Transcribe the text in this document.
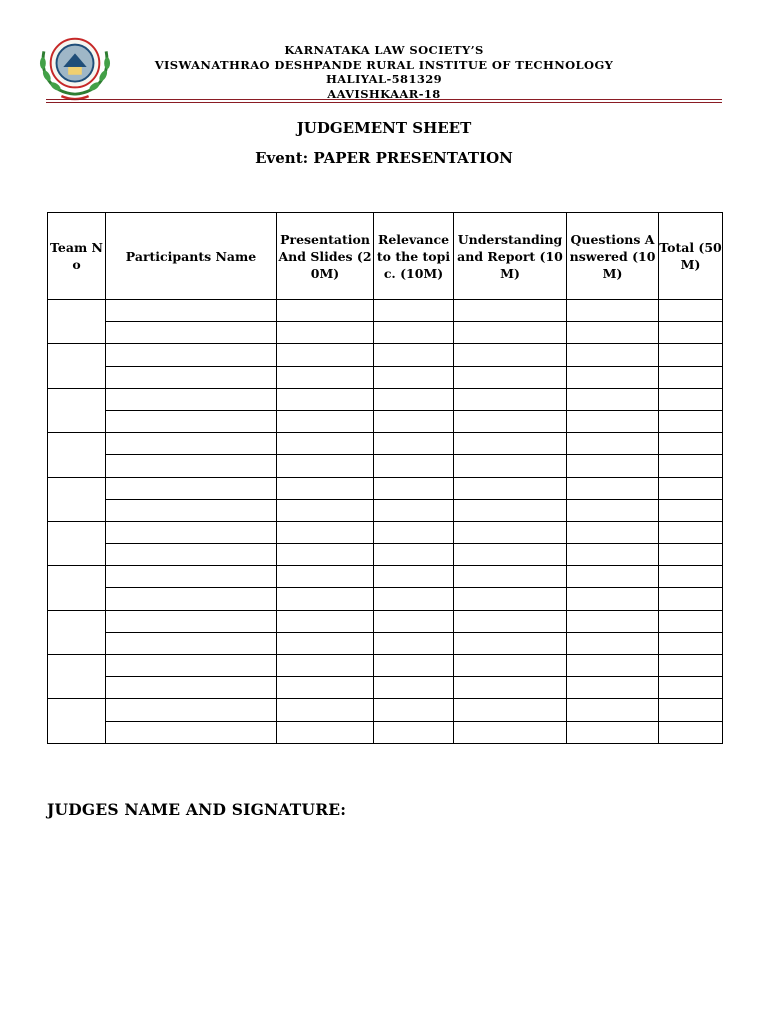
KARNATAKA LAW SOCIETY’S
VISWANATHRAO DESHPANDE RURAL INSTITUE OF TECHNOLOGY
HALIYAL-581329
AAVISHKAAR-18
JUDGEMENT SHEET
Event: PAPER PRESENTATION
Team No	Participants Name	Presentation And Slides (20M)	Relevance to the topic. (10M)	Understanding and Report (10M)	Questions Answered (10M)	Total (50M)

JUDGES NAME AND SIGNATURE:
